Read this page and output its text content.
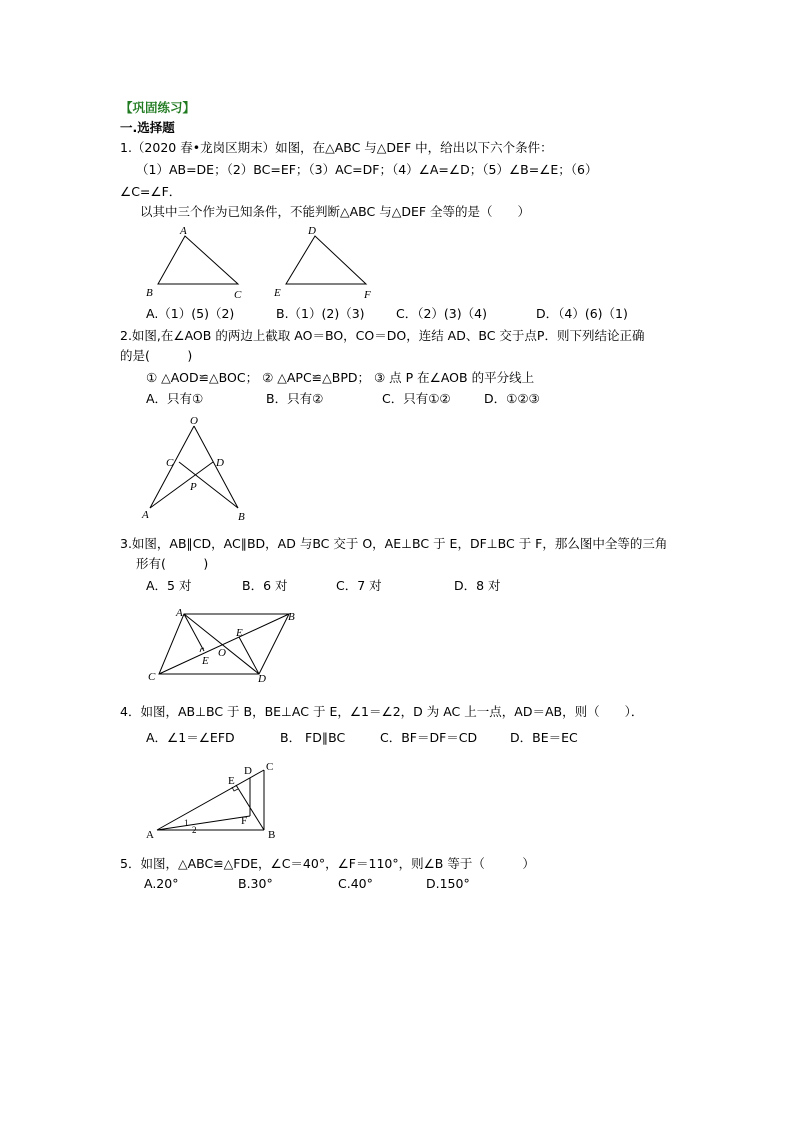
【巩固练习】
一.选择题
1.（2020 春•龙岗区期末）如图，在△ABC 与△DEF 中，给出以下六个条件：
（1）AB=DE；（2）BC=EF；（3）AC=DF；（4）∠A=∠D；（5）∠B=∠E；（6）
∠C=∠F．
以其中三个作为已知条件，不能判断△ABC 与△DEF 全等的是（　　）
A
B	C
D
E	F
A.（1）(5)（2)	B.（1）(2)（3)	C．（2）(3)（4)	D．（4）(6)（1)
2.如图,在∠AOB 的两边上截取 AO＝BO，CO＝DO，连结 AD、BC 交于点P．则下列结论正确
的是(　　　)
① △AOD≌△BOC； ② △APC≌△BPD； ③ 点 P 在∠AOB 的平分线上
A．只有①	B．只有②	C．只有①②	D．①②③
O
C	D
P
A	B
3.如图，AB∥CD，AC∥BD，AD 与BC 交于 O，AE⊥BC 于 E，DF⊥BC 于 F，那么图中全等的三角
形有(　　　)
A．5 对	B．6 对	C．7 对	D．8 对
A	B
C	D
E
E
O
4．如图，AB⊥BC 于 B，BE⊥AC 于 E，∠1＝∠2，D 为 AC 上一点，AD＝AB，则（　　）．
A．∠1＝∠EFD	B． FD∥BC	C．BF＝DF＝CD	D．BE＝EC
A	B
C
D
E
F
1
2
5．如图，△ABC≌△FDE，∠C＝40°，∠F＝110°，则∠B 等于（　　　）
A.20°	B.30°	C.40°	D.150°
